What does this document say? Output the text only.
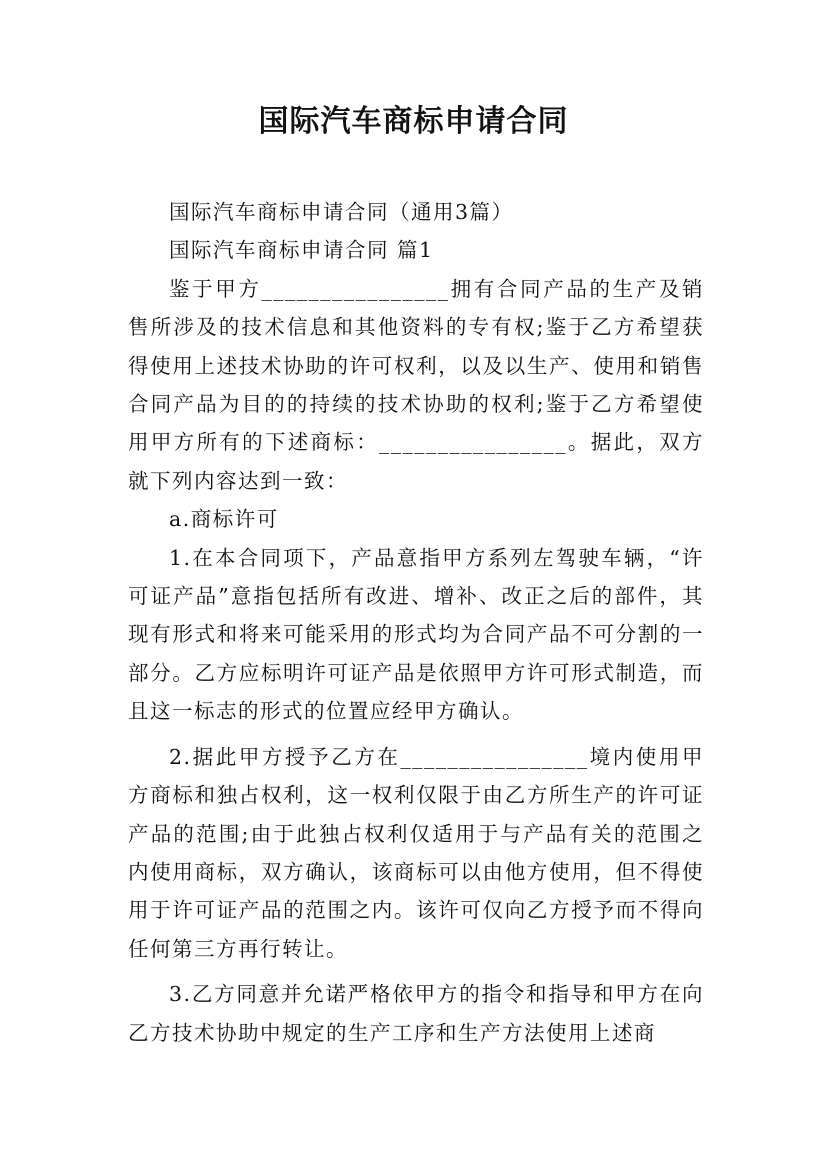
国际汽车商标申请合同

国际汽车商标申请合同（通用3篇）

国际汽车商标申请合同 篇1

鉴于甲方________________拥有合同产品的生产及销售所涉及的技术信息和其他资料的专有权;鉴于乙方希望获得使用上述技术协助的许可权利，以及以生产、使用和销售合同产品为目的的持续的技术协助的权利;鉴于乙方希望使用甲方所有的下述商标：________________。据此，双方就下列内容达到一致：

a.商标许可

1.在本合同项下，产品意指甲方系列左驾驶车辆，“许可证产品”意指包括所有改进、增补、改正之后的部件，其现有形式和将来可能采用的形式均为合同产品不可分割的一部分。乙方应标明许可证产品是依照甲方许可形式制造，而且这一标志的形式的位置应经甲方确认。

2.据此甲方授予乙方在________________境内使用甲方商标和独占权利，这一权利仅限于由乙方所生产的许可证产品的范围;由于此独占权利仅适用于与产品有关的范围之内使用商标，双方确认，该商标可以由他方使用，但不得使用于许可证产品的范围之内。该许可仅向乙方授予而不得向任何第三方再行转让。

3.乙方同意并允诺严格依甲方的指令和指导和甲方在向乙方技术协助中规定的生产工序和生产方法使用上述商
